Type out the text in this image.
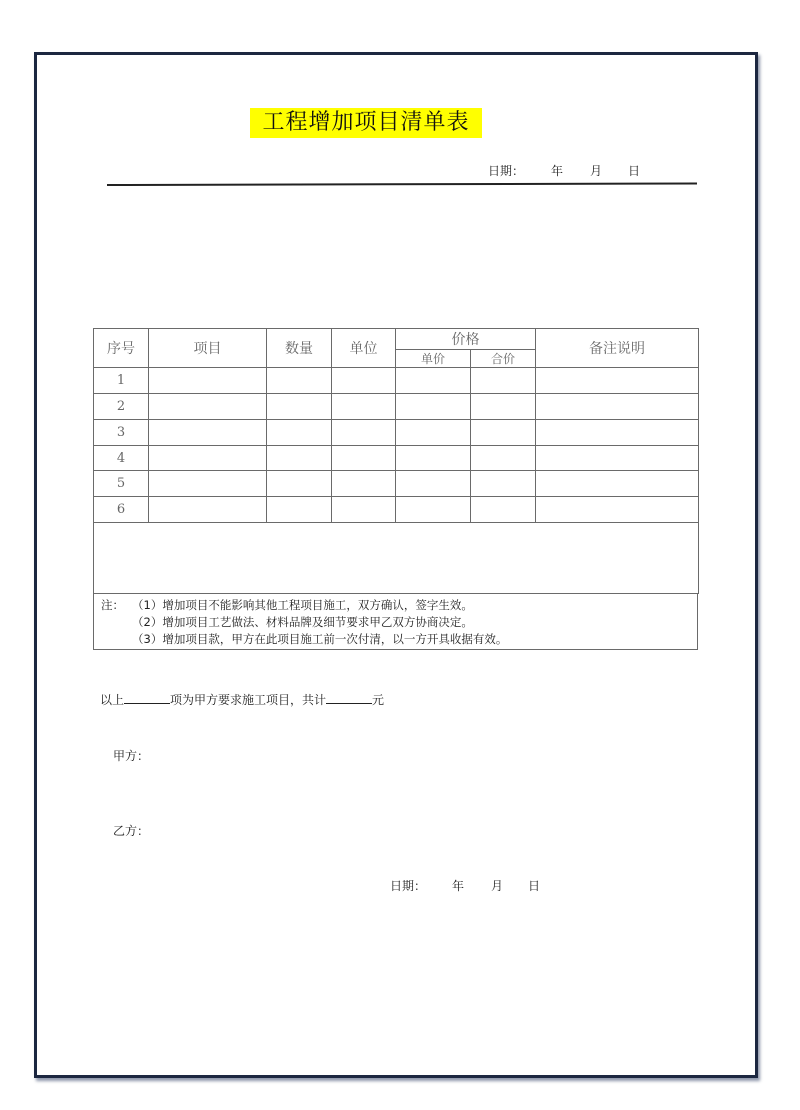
工程增加项目清单表
日期： 年 月 日
序号	项目	数量	单位	价格		备注说明
				单价	合价	
1						
2						
3						
4						
5						
6						

注： （1）增加项目不能影响其他工程项目施工，双方确认，签字生效。
（2）增加项目工艺做法、材料品牌及细节要求甲乙双方协商决定。
（3）增加项目款，甲方在此项目施工前一次付清，以一方开具收据有效。
以上	项为甲方要求施工项目，共计	元
甲方：
乙方：
日期： 年 月 日
